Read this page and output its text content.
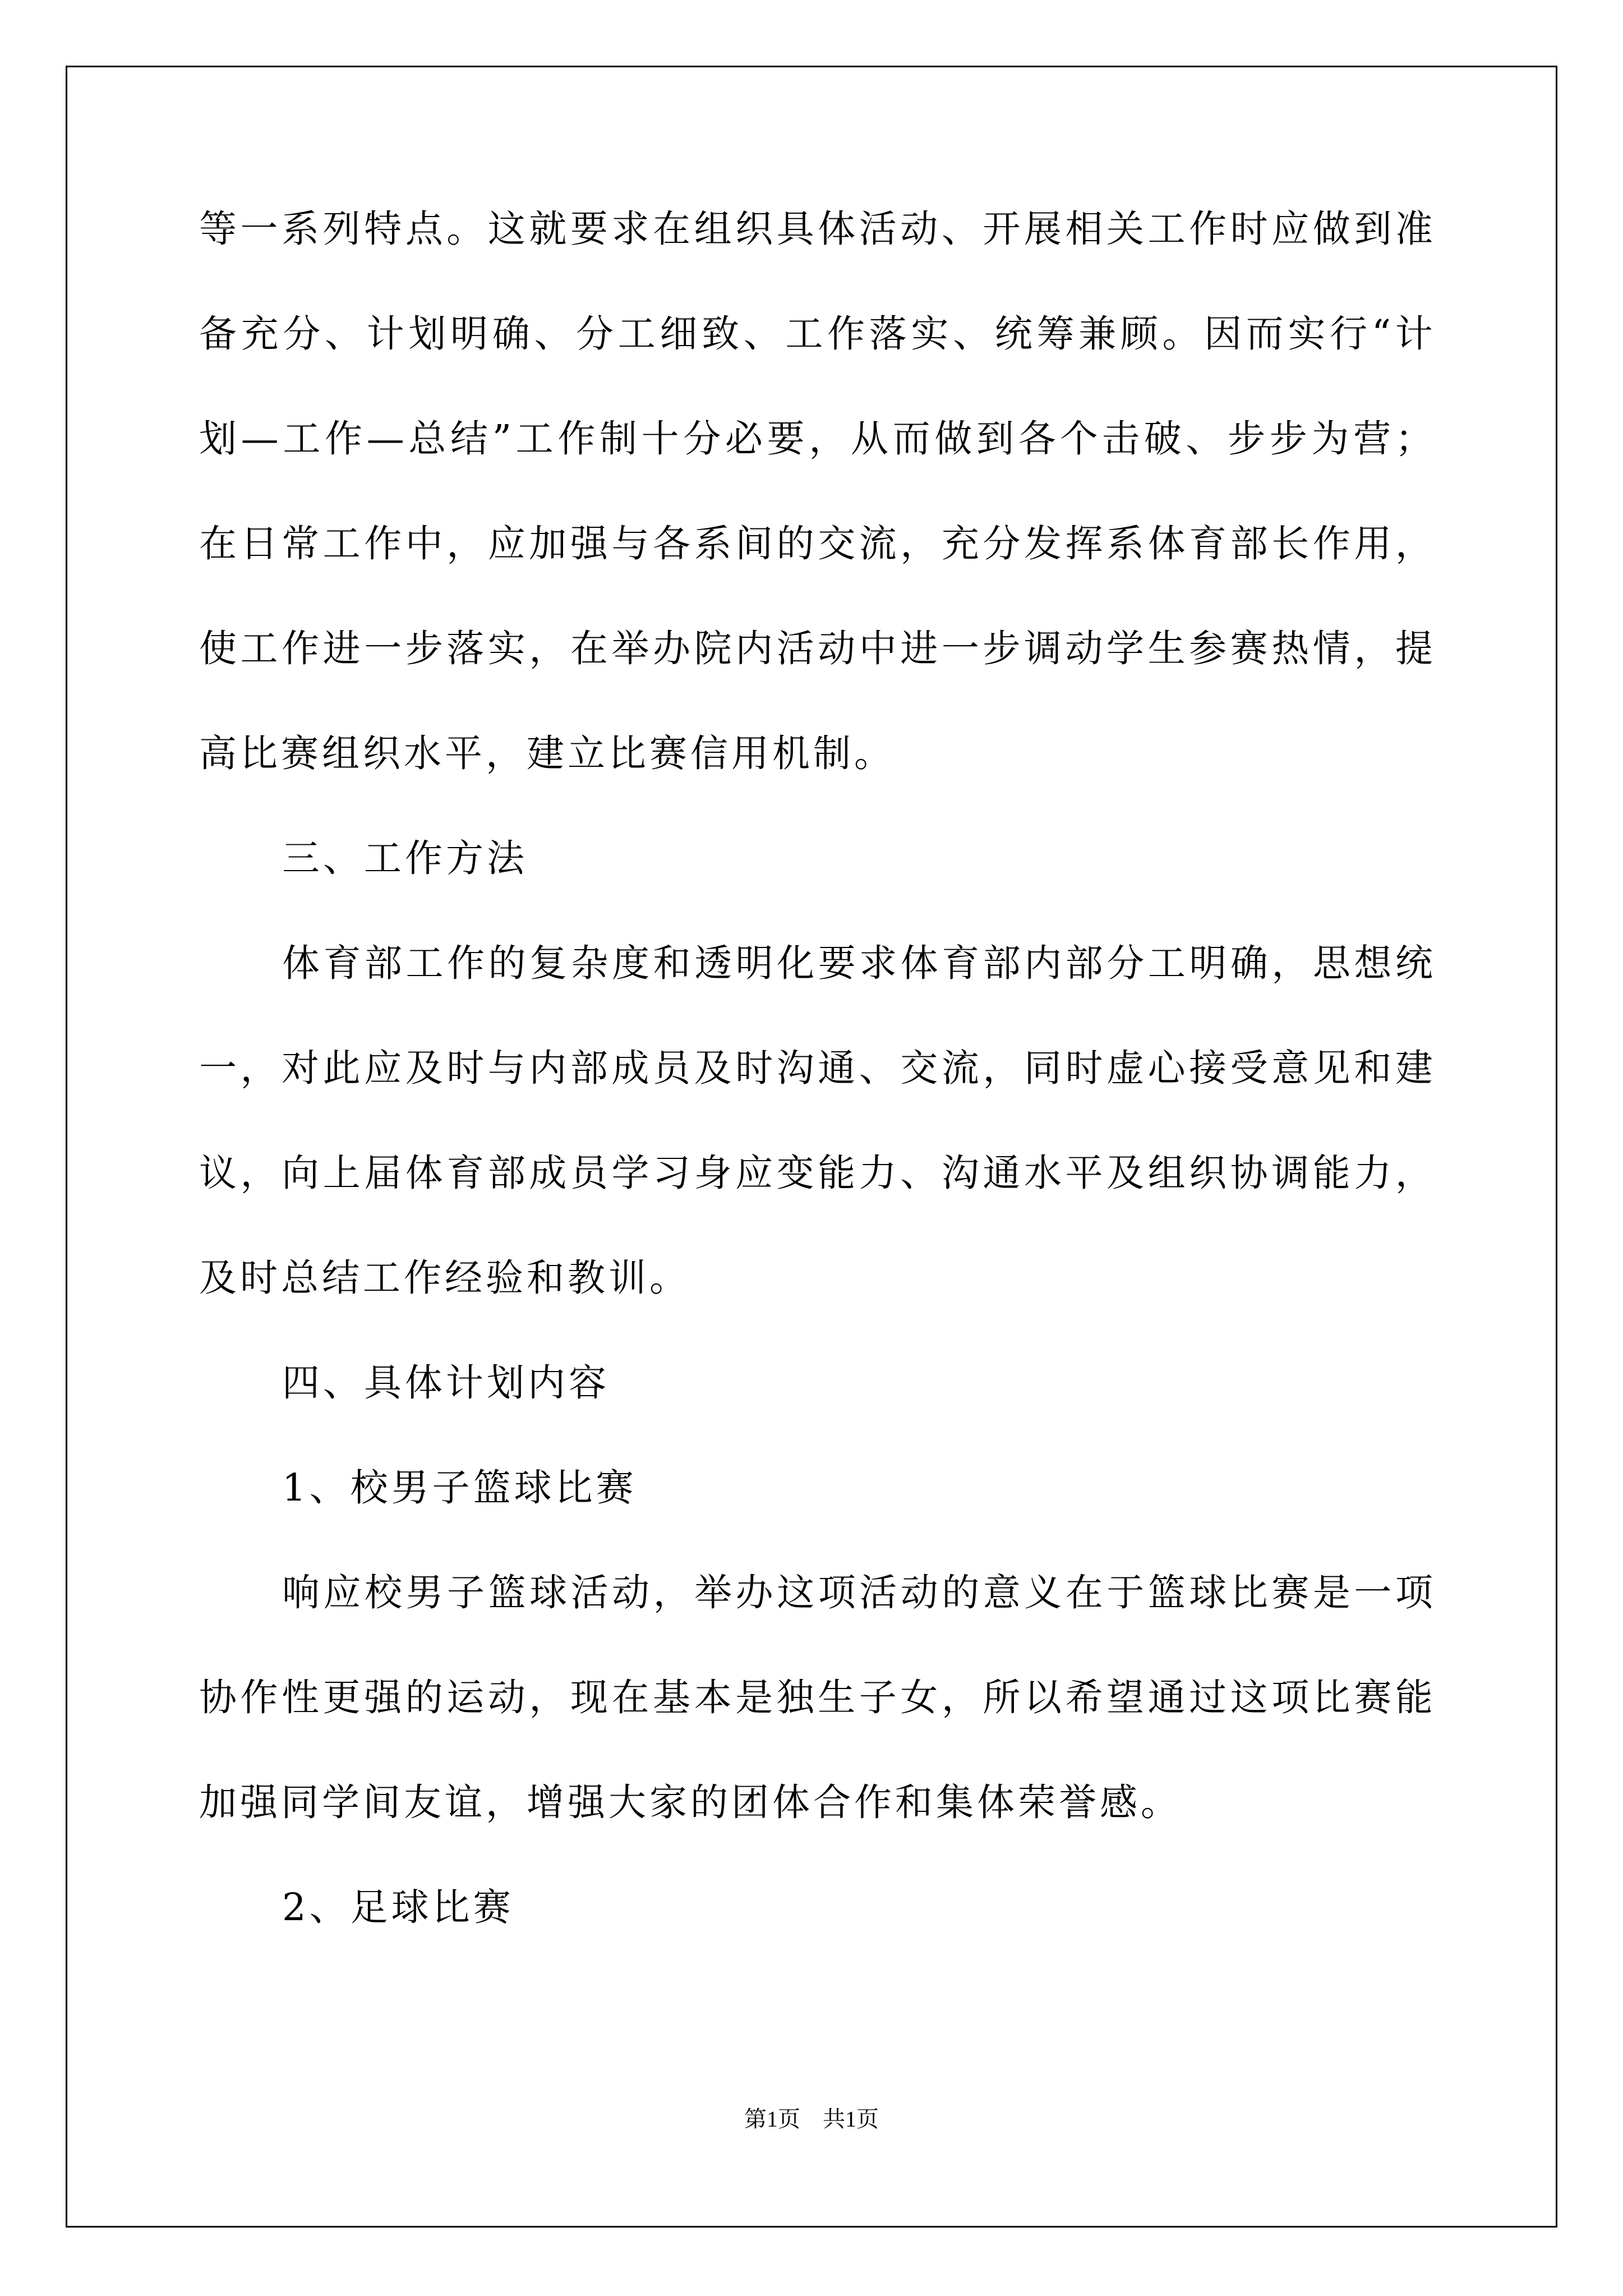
等 一 系 列 特 点 。 这 就 要 求 在 组 织 具 体 活 动 、 开 展 相 关 工 作 时 应 做 到 准
备 充 分 、 计 划 明 确 、 分 工 细 致 、 工 作 落 实 、 统 筹 兼 顾 。 因 而 实 行 “ 计
划 — 工 作 — 总 结 ” 工 作 制 十 分 必 要 ， 从 而 做 到 各 个 击 破 、 步 步 为 营 ；
在 日 常 工 作 中 ， 应 加 强 与 各 系 间 的 交 流 ， 充 分 发 挥 系 体 育 部 长 作 用 ，
使 工 作 进 一 步 落 实 ， 在 举 办 院 内 活 动 中 进 一 步 调 动 学 生 参 赛 热 情 ， 提
高比赛组织水平，建立比赛信用机制。
三、工作方法
体 育 部 工 作 的 复 杂 度 和 透 明 化 要 求 体 育 部 内 部 分 工 明 确 ， 思 想 统
一 ， 对 此 应 及 时 与 内 部 成 员 及 时 沟 通 、 交 流 ， 同 时 虚 心 接 受 意 见 和 建
议 ， 向 上 届 体 育 部 成 员 学 习 身 应 变 能 力 、 沟 通 水 平 及 组 织 协 调 能 力 ，
及时总结工作经验和教训。
四、具体计划内容
1、校男子篮球比赛
响 应 校 男 子 篮 球 活 动 ， 举 办 这 项 活 动 的 意 义 在 于 篮 球 比 赛 是 一 项
协 作 性 更 强 的 运 动 ， 现 在 基 本 是 独 生 子 女 ， 所 以 希 望 通 过 这 项 比 赛 能
加强同学间友谊，增强大家的团体合作和集体荣誉感。
2、足球比赛
第1页　共1页
